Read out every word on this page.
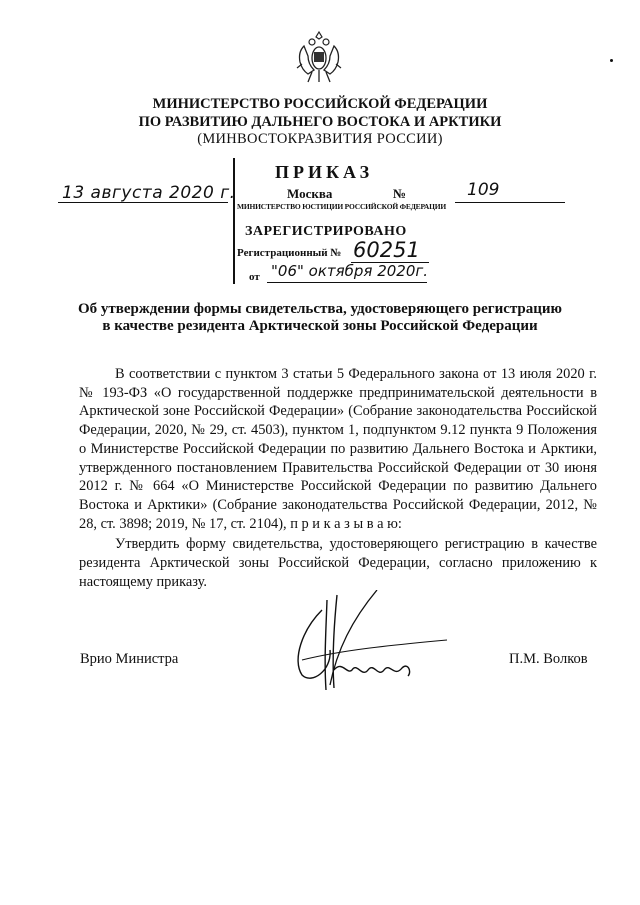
МИНИСТЕРСТВО РОССИЙСКОЙ ФЕДЕРАЦИИ
ПО РАЗВИТИЮ ДАЛЬНЕГО ВОСТОКА И АРКТИКИ
(МИНВОСТОКРАЗВИТИЯ РОССИИ)
13 августа 2020 г.	109
ПРИКАЗ
Москва	№
МИНИСТЕРСТВО ЮСТИЦИИ РОССИЙСКОЙ ФЕДЕРАЦИИ
ЗАРЕГИСТРИРОВАНО
Регистрационный № 60251
от "06" октября 2020г.
Об утверждении формы свидетельства, удостоверяющего регистрацию
в качестве резидента Арктической зоны Российской Федерации

В соответствии с пунктом 3 статьи 5 Федерального закона от 13 июля 2020 г. № 193-ФЗ «О государственной поддержке предпринимательской деятельности в Арктической зоне Российской Федерации» (Собрание законодательства Российской Федерации, 2020, № 29, ст. 4503), пунктом 1, подпунктом 9.12 пункта 9 Положения о Министерстве Российской Федерации по развитию Дальнего Востока и Арктики, утвержденного постановлением Правительства Российской Федерации от 30 июня 2012 г. № 664 «О Министерстве Российской Федерации по развитию Дальнего Востока и Арктики» (Собрание законодательства Российской Федерации, 2012, № 28, ст. 3898; 2019, № 17, ст. 2104), п р и к а з ы в а ю:

Утвердить форму свидетельства, удостоверяющего регистрацию в качестве резидента Арктической зоны Российской Федерации, согласно приложению к настоящему приказу.

Врио Министра	П.М. Волков
